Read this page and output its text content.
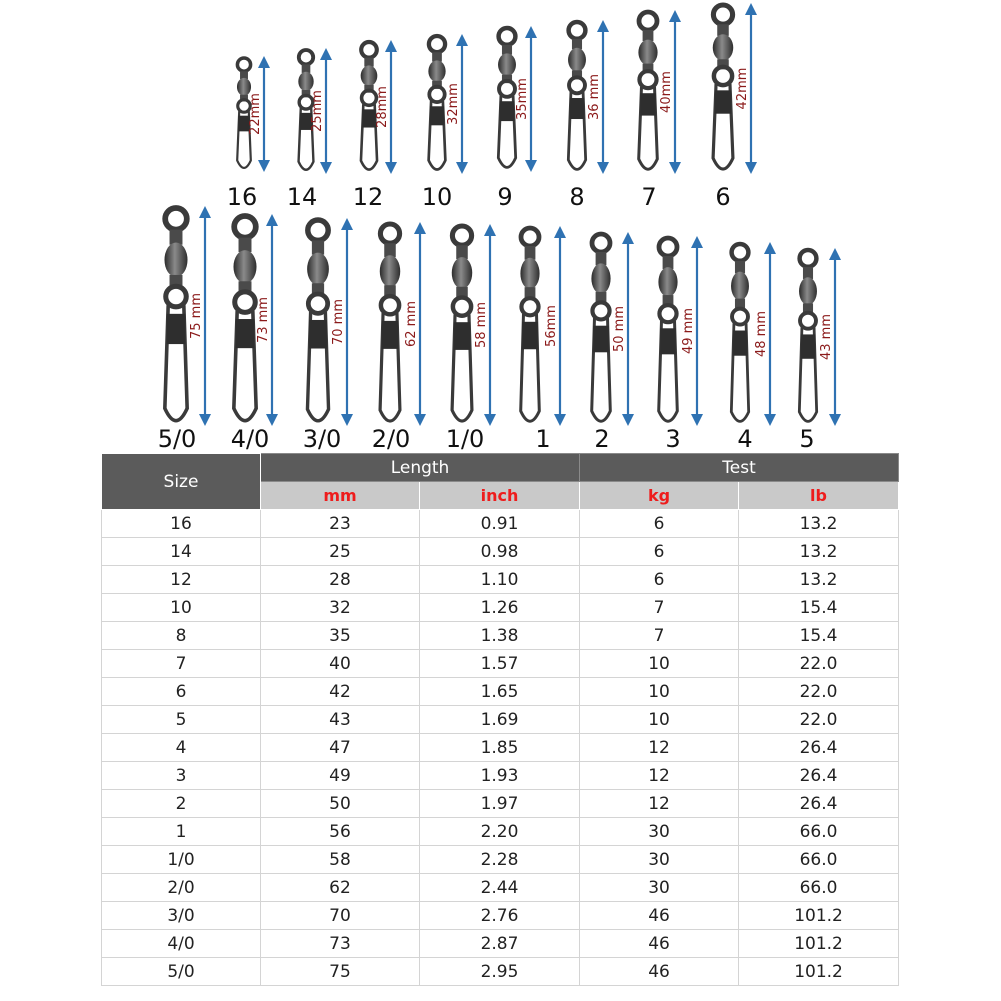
22mm
16
25mm
14
28mm
12
32mm
10
35mm
9
36 mm
8
40mm
7
42mm
6
75 mm
5/0
73 mm
4/0
70 mm
3/0
62 mm
2/0
58 mm
1/0
56mm
1
50 mm
2
49 mm
3
48 mm
4
43 mm
5
Size	Length		Test	
	mm	inch	kg	lb
16	23	0.91	6	13.2
14	25	0.98	6	13.2
12	28	1.10	6	13.2
10	32	1.26	7	15.4
8	35	1.38	7	15.4
7	40	1.57	10	22.0
6	42	1.65	10	22.0
5	43	1.69	10	22.0
4	47	1.85	12	26.4
3	49	1.93	12	26.4
2	50	1.97	12	26.4
1	56	2.20	30	66.0
1/0	58	2.28	30	66.0
2/0	62	2.44	30	66.0
3/0	70	2.76	46	101.2
4/0	73	2.87	46	101.2
5/0	75	2.95	46	101.2
